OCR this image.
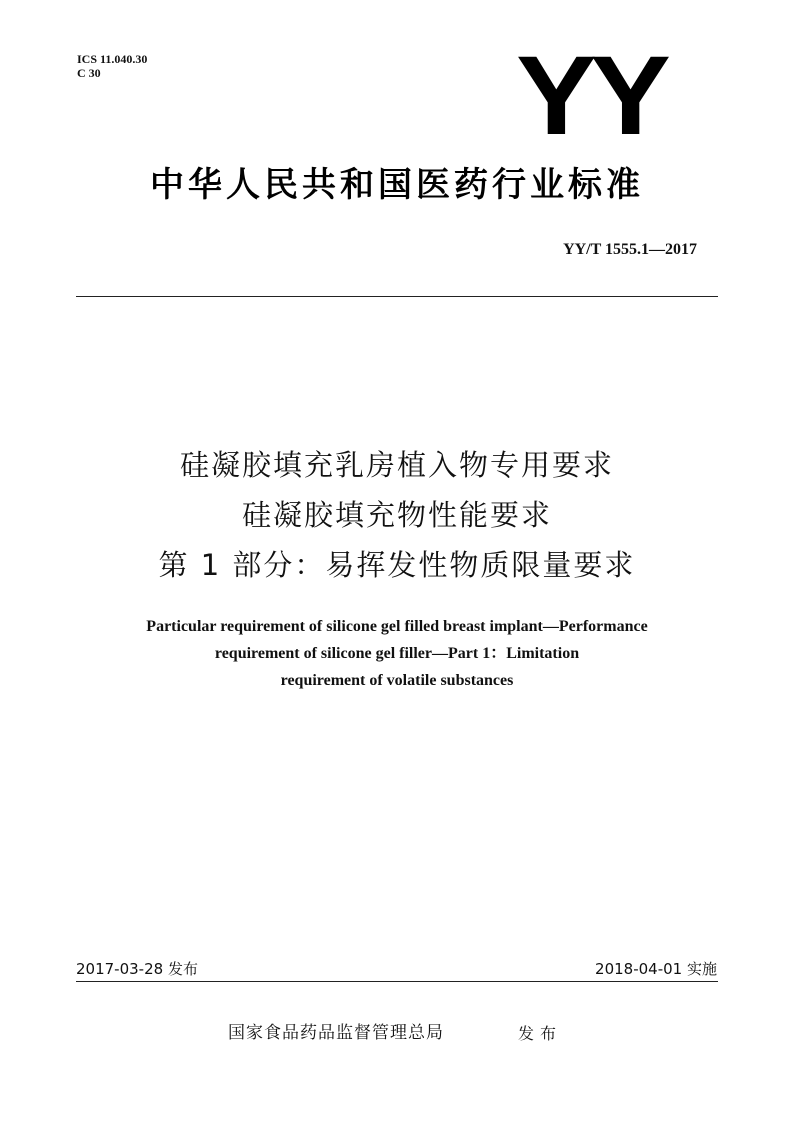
ICS 11.040.30
C 30	YY
中华人民共和国医药行业标准
YY/T 1555.1—2017
硅凝胶填充乳房植入物专用要求
硅凝胶填充物性能要求
第 1 部分：易挥发性物质限量要求
Particular requirement of silicone gel filled breast implant—Performance
requirement of silicone gel filler—Part 1：Limitation
requirement of volatile substances
2017-03-28 发布	2018-04-01 实施
国家食品药品监督管理总局	发布
